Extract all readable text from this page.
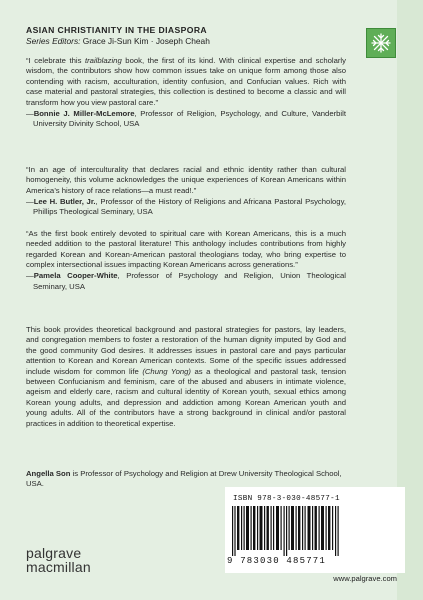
ASIAN CHRISTIANITY IN THE DIASPORA
Series Editors: Grace Ji-Sun Kim · Joseph Cheah

“I celebrate this trailblazing book, the first of its kind. With clinical expertise and scholarly wisdom, the contributors show how common issues take on unique form among those also contending with racism, acculturation, identity confusion, and Confucian values. Rich with case material and pastoral strategies, this collection is destined to become a classic and will transform how you view pastoral care.”

—Bonnie J. Miller-McLemore, Professor of Religion, Psychology, and Culture, Vanderbilt University Divinity School, USA

“In an age of interculturality that declares racial and ethnic identity rather than cultural homogeneity, this volume acknowledges the unique experiences of Korean Americans within America’s history of race relations—a must read!.”

—Lee H. Butler, Jr., Professor of the History of Religions and Africana Pastoral Psychology, Phillips Theological Seminary, USA

“As the first book entirely devoted to spiritual care with Korean Americans, this is a much needed addition to the pastoral literature! This anthology includes contributions from highly regarded Korean and Korean-American pastoral theologians today, who bring expertise to complex intersectional issues impacting Korean Americans across generations.”

—Pamela Cooper-White, Professor of Psychology and Religion, Union Theological Seminary, USA

This book provides theoretical background and pastoral strategies for pastors, lay leaders, and congregation members to foster a restoration of the human dignity imputed by God and the good community God desires. It addresses issues in pastoral care and pays particular attention to Korean and Korean American contexts. Some of the specific issues addressed include wisdom for common life (Chung Yong) as a theological and pastoral task, tension between Confucianism and feminism, care of the abused and abusers in intimate violence, ageism and elderly care, racism and cultural identity of Korean youth, sexual ethics among Korean young adults, and depression and addiction among Korean American youth and young adults. All of the contributors have a strong background in clinical and/or pastoral practices in addition to theoretical expertise.

Angella Son is Professor of Psychology and Religion at Drew University Theological School, USA.

ISBN 978-3-030-48577-1
9 783030 485771
www.palgrave.com
palgrave
macmillan
